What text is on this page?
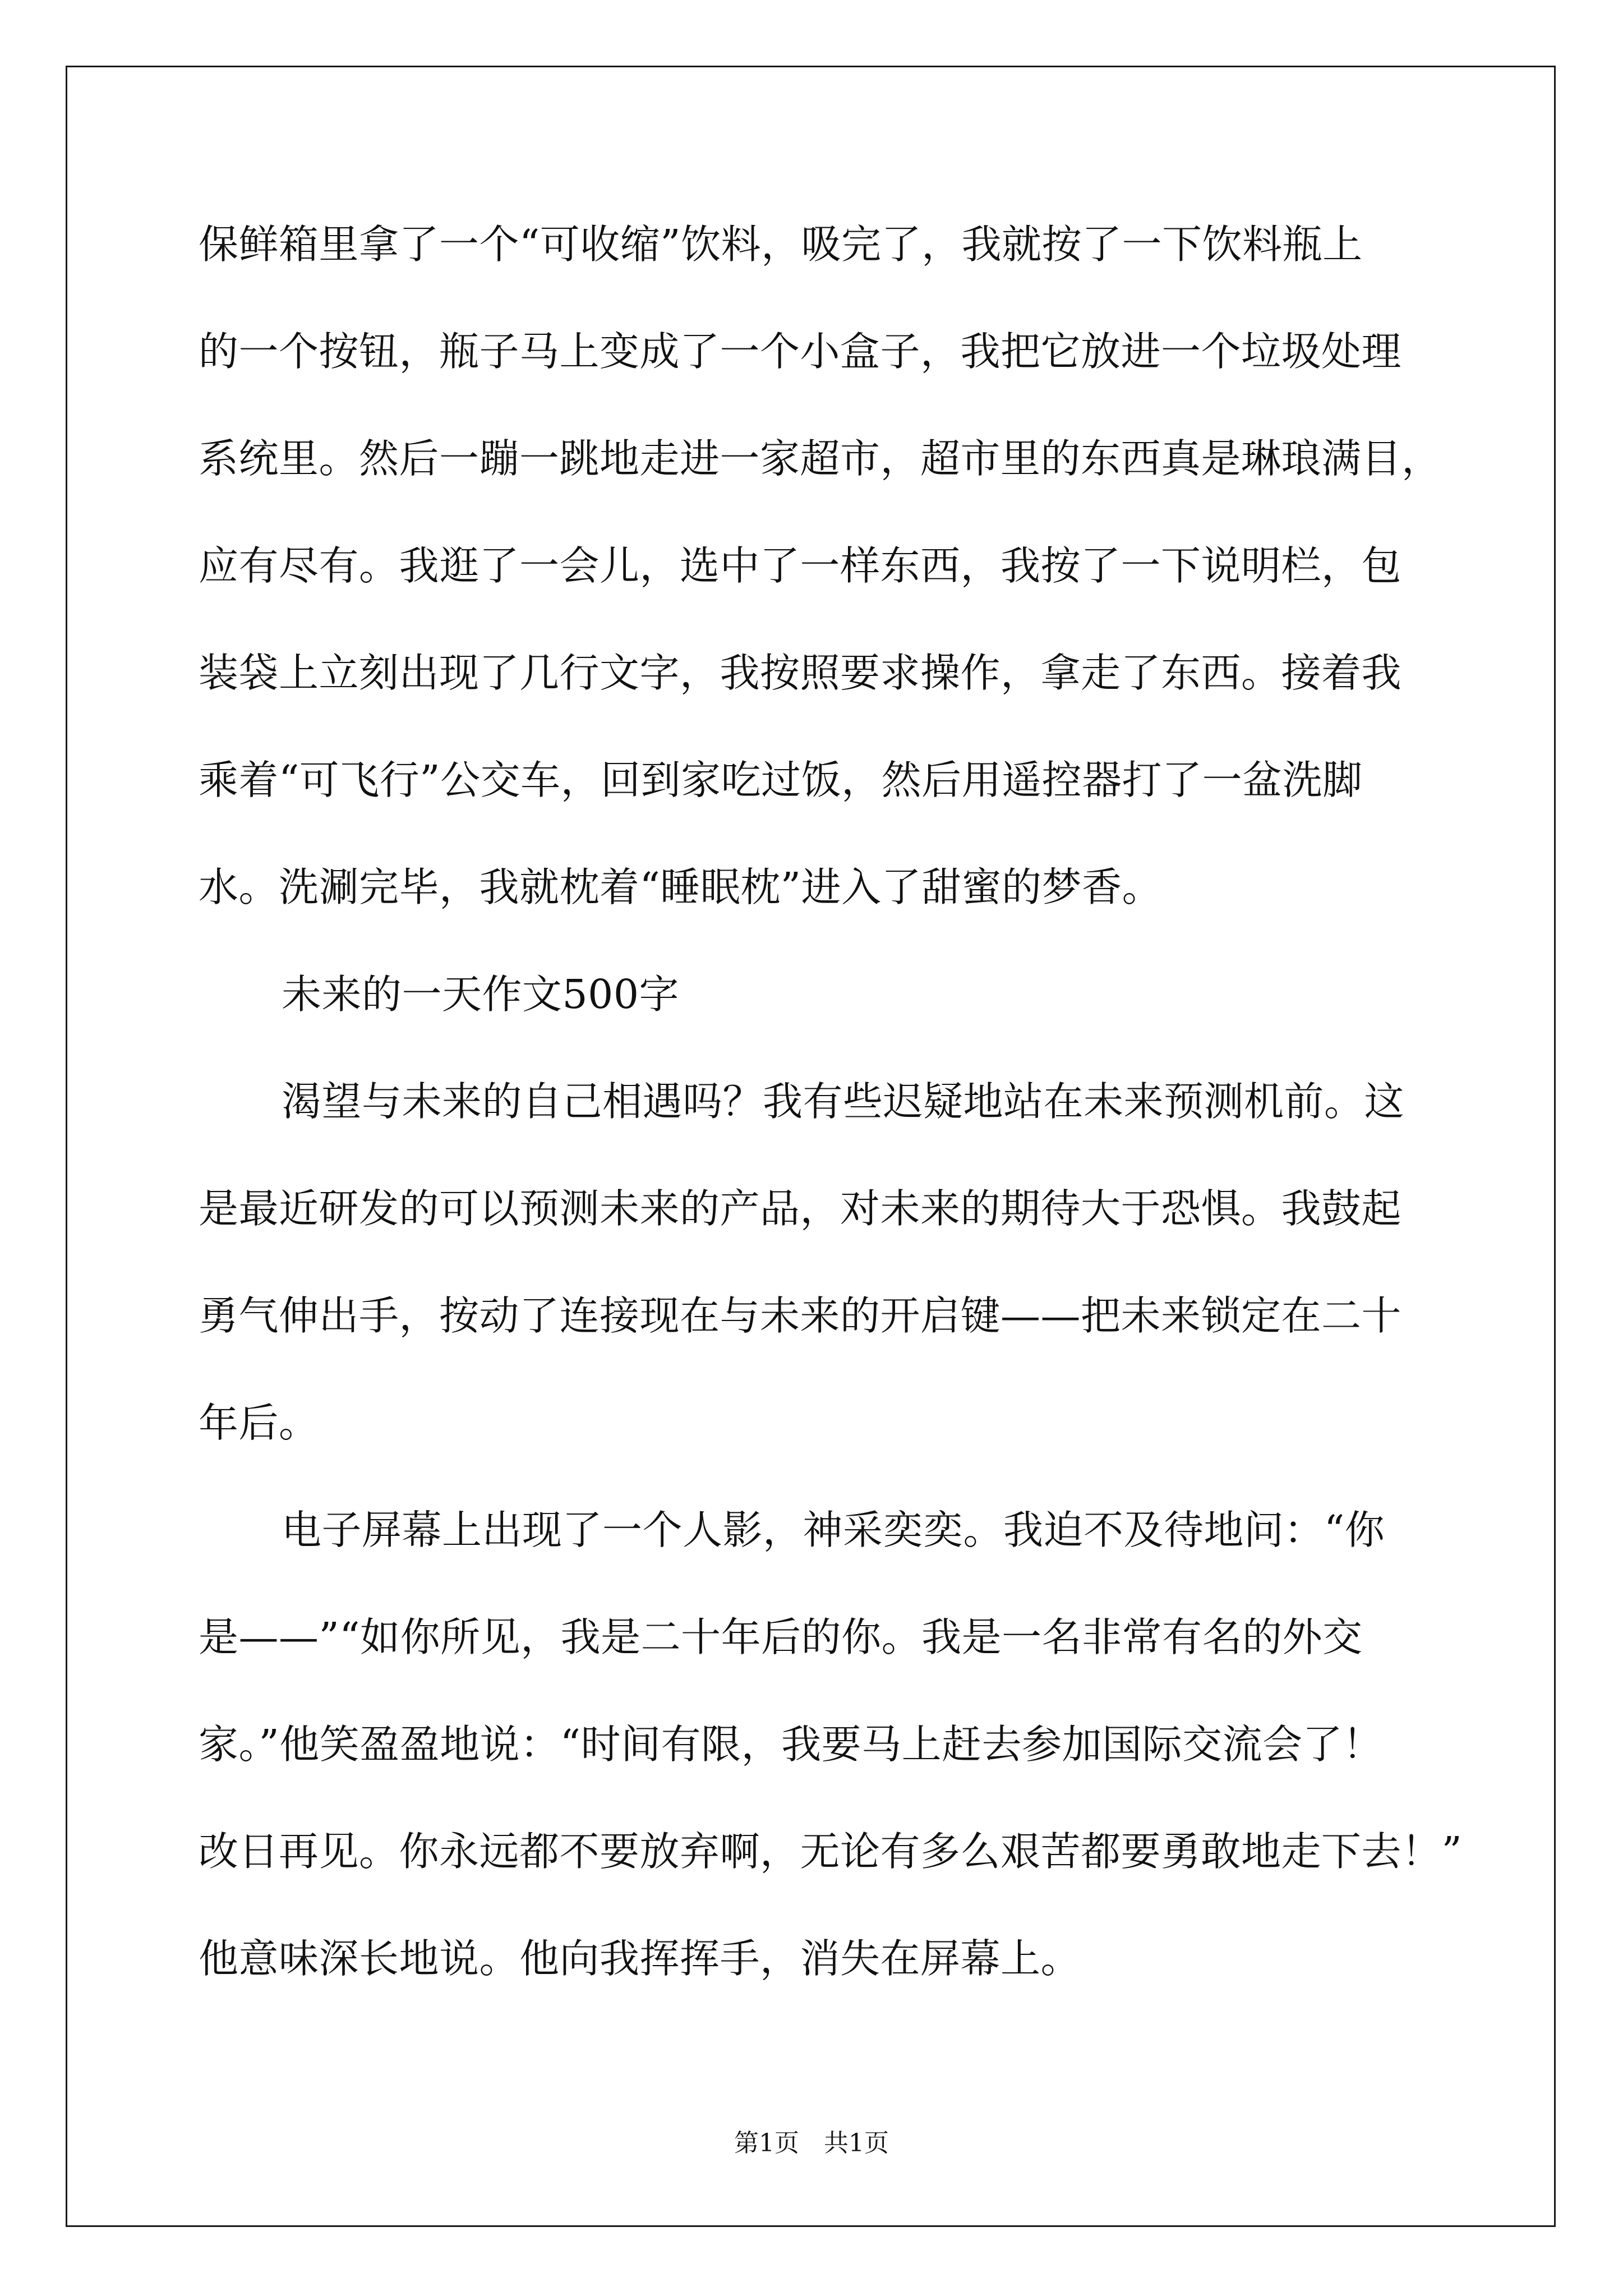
保鲜箱里拿了一个“可收缩”饮料，吸完了，我就按了一下饮料瓶上
的一个按钮，瓶子马上变成了一个小盒子，我把它放进一个垃圾处理
系统里。然后一蹦一跳地走进一家超市，超市里的东西真是琳琅满目，
应有尽有。我逛了一会儿，选中了一样东西，我按了一下说明栏，包
装袋上立刻出现了几行文字，我按照要求操作，拿走了东西。接着我
乘着“可飞行”公交车，回到家吃过饭，然后用遥控器打了一盆洗脚
水。洗涮完毕，我就枕着“睡眠枕”进入了甜蜜的梦香。
未来的一天作文500字
渴望与未来的自己相遇吗？我有些迟疑地站在未来预测机前。这
是最近研发的可以预测未来的产品，对未来的期待大于恐惧。我鼓起
勇气伸出手，按动了连接现在与未来的开启键——把未来锁定在二十
年后。
电子屏幕上出现了一个人影，神采奕奕。我迫不及待地问：“你
是——”“如你所见，我是二十年后的你。我是一名非常有名的外交
家。”他笑盈盈地说：“时间有限，我要马上赶去参加国际交流会了！
改日再见。你永远都不要放弃啊，无论有多么艰苦都要勇敢地走下去！”
他意味深长地说。他向我挥挥手，消失在屏幕上。
第1页　共1页
